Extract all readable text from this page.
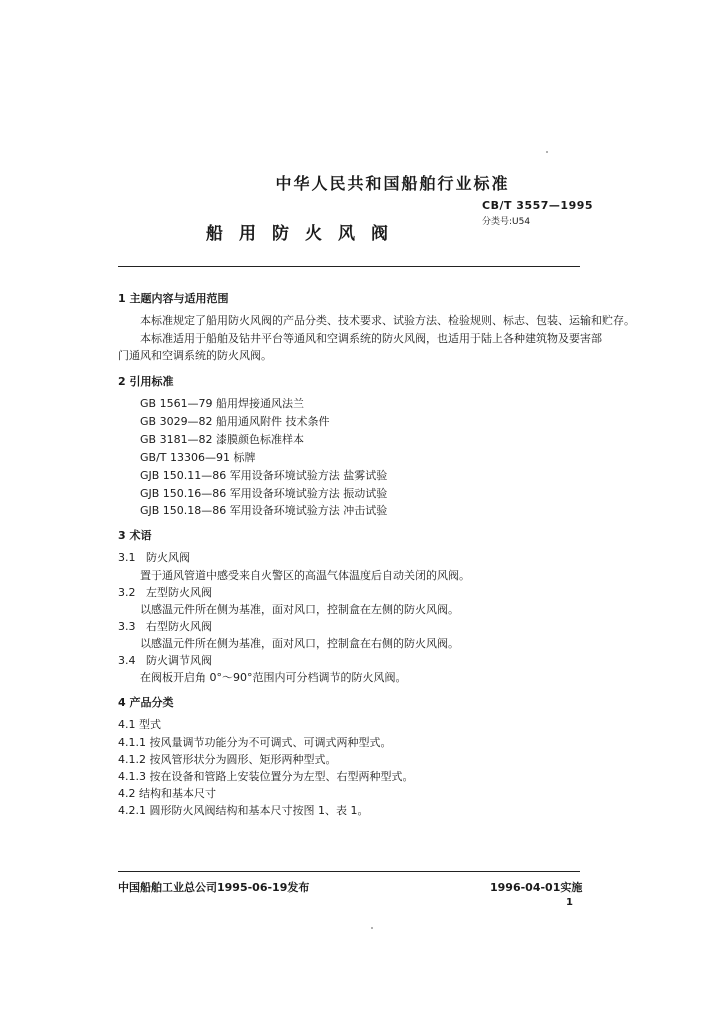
中华人民共和国船舶行业标准
CB/T 3557—1995
分类号:U54
船用防火风阀
1 主题内容与适用范围
本标准规定了船用防火风阀的产品分类、技术要求、试验方法、检验规则、标志、包装、运输和贮存。
本标准适用于船舶及钻井平台等通风和空调系统的防火风阀，也适用于陆上各种建筑物及要害部
门通风和空调系统的防火风阀。
2 引用标准
GB 1561—79 船用焊接通风法兰
GB 3029—82 船用通风附件 技术条件
GB 3181—82 漆膜颜色标准样本
GB/T 13306—91 标牌
GJB 150.11—86 军用设备环境试验方法 盐雾试验
GJB 150.16—86 军用设备环境试验方法 振动试验
GJB 150.18—86 军用设备环境试验方法 冲击试验
3 术语
3.1 防火风阀
置于通风管道中感受来自火警区的高温气体温度后自动关闭的风阀。
3.2 左型防火风阀
以感温元件所在侧为基准，面对风口，控制盒在左侧的防火风阀。
3.3 右型防火风阀
以感温元件所在侧为基准，面对风口，控制盒在右侧的防火风阀。
3.4 防火调节风阀
在阀板开启角 0°～90°范围内可分档调节的防火风阀。
4 产品分类
4.1 型式
4.1.1 按风量调节功能分为不可调式、可调式两种型式。
4.1.2 按风管形状分为圆形、矩形两种型式。
4.1.3 按在设备和管路上安装位置分为左型、右型两种型式。
4.2 结构和基本尺寸
4.2.1 圆形防火风阀结构和基本尺寸按图 1、表 1。
中国船舶工业总公司1995-06-19发布	1996-04-01实施
1
